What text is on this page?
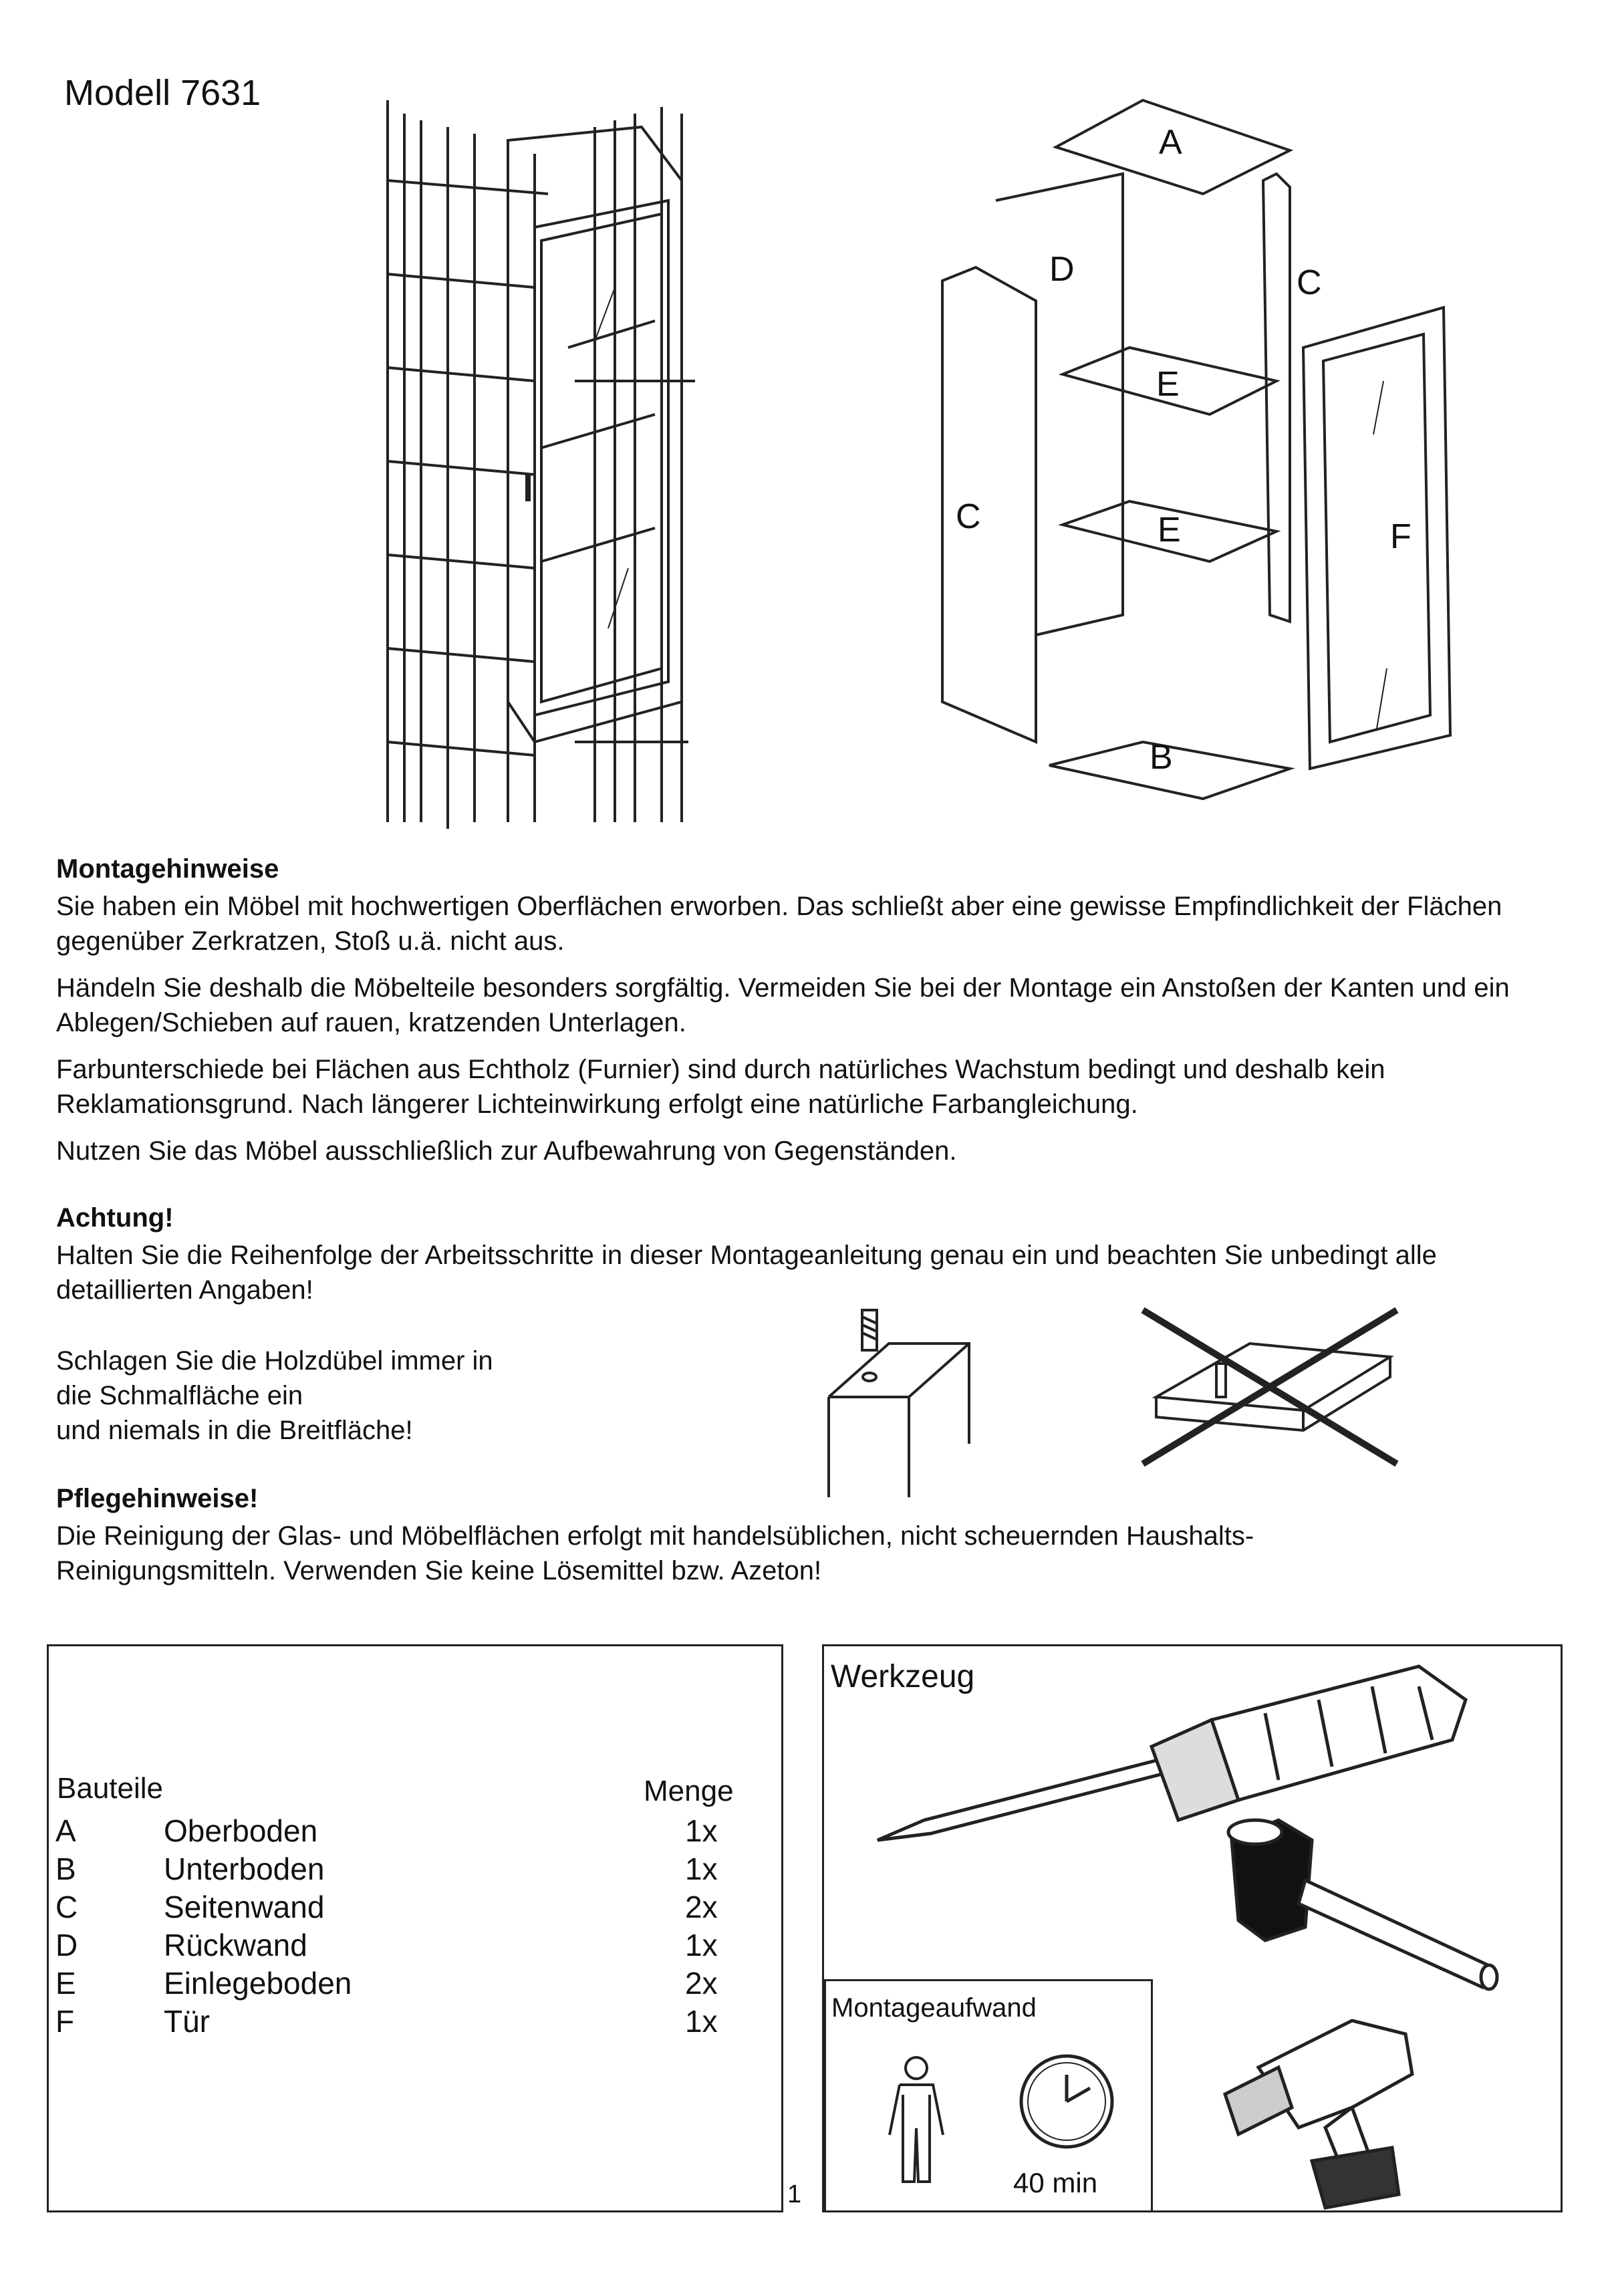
Modell 7631
A
D	C
E
C	E	F
B
Montagehinweise
Sie haben ein Möbel mit hochwertigen Oberflächen erworben. Das schließt aber eine gewisse Empfindlichkeit der Flächen gegenüber Zerkratzen, Stoß u.ä. nicht aus.
Händeln Sie deshalb die Möbelteile besonders sorgfältig. Vermeiden Sie bei der Montage ein Anstoßen der Kanten und ein Ablegen/Schieben auf rauen, kratzenden Unterlagen.
Farbunterschiede bei Flächen aus Echtholz (Furnier) sind durch natürliches Wachstum bedingt und deshalb kein Reklamationsgrund. Nach längerer Lichteinwirkung erfolgt eine natürliche Farbangleichung.
Nutzen Sie das Möbel ausschließlich zur Aufbewahrung von Gegenständen.
Achtung!
Halten Sie die Reihenfolge der Arbeitsschritte in dieser Montageanleitung genau ein und beachten Sie unbedingt alle detaillierten Angaben!
Schlagen Sie die Holzdübel immer in
die Schmalfläche ein
und niemals in die Breitfläche!
Pflegehinweise!
Die Reinigung der Glas- und Möbelflächen erfolgt mit handelsüblichen, nicht scheuernden Haushalts-Reinigungsmitteln. Verwenden Sie keine Lösemittel bzw. Azeton!
Bauteile	Menge
A	Oberboden	1x
B	Unterboden	1x
C	Seitenwand	2x
D	Rückwand	1x
E	Einlegeboden	2x
F	Tür	1x
1
Werkzeug
Montageaufwand
40 min
